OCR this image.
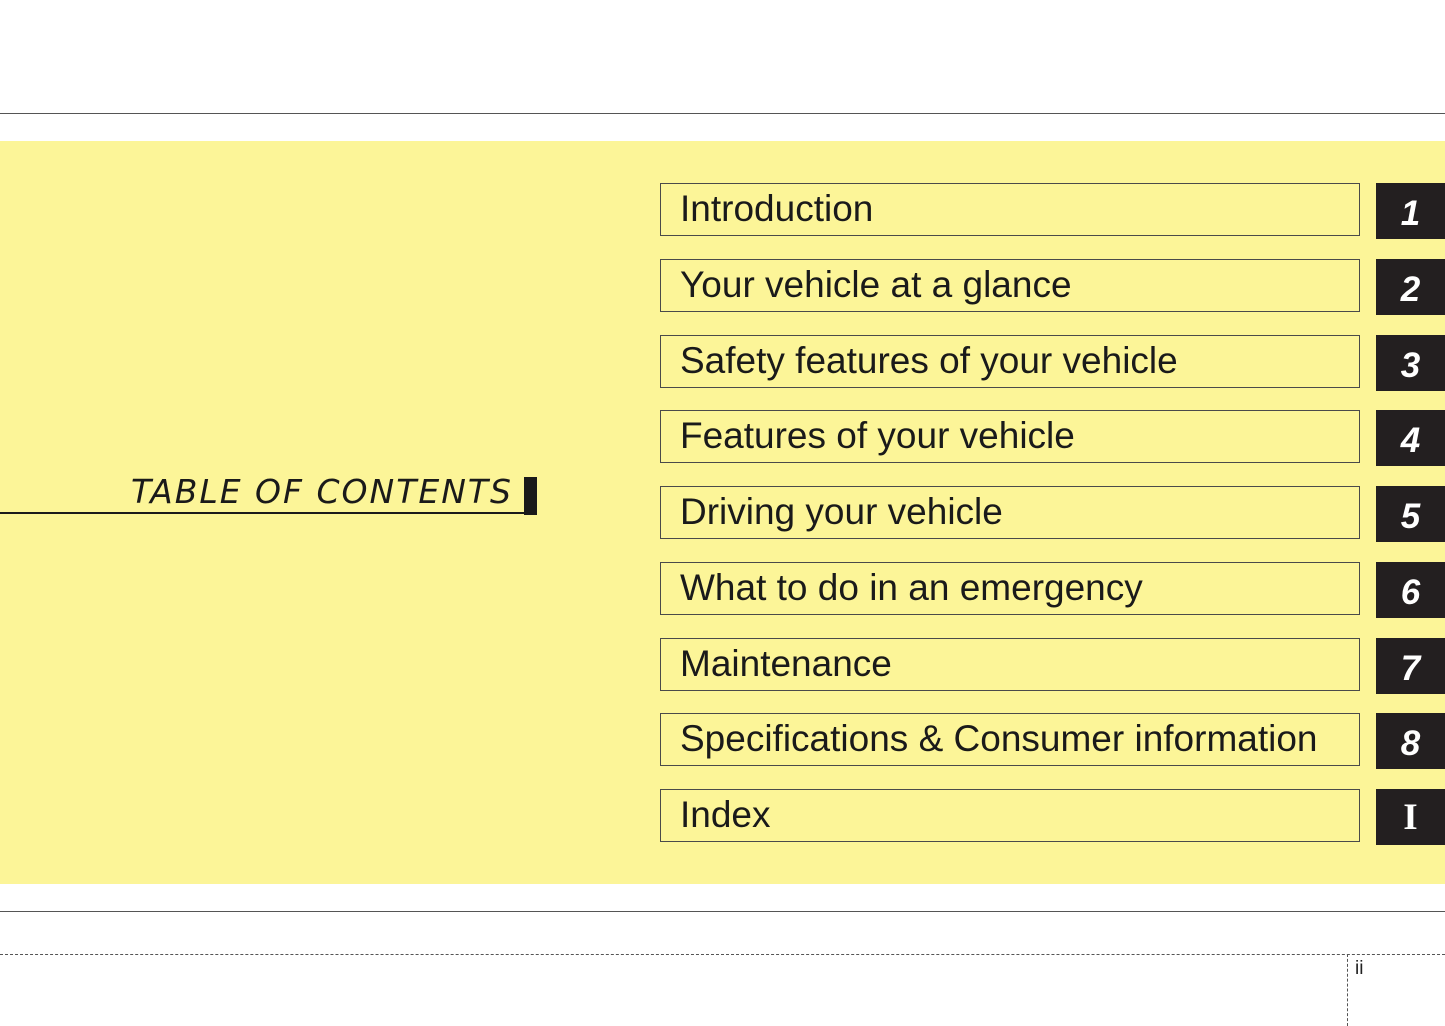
ii
TABLE OF CONTENTS
Introduction	1
Your vehicle at a glance	2
Safety features of your vehicle	3
Features of your vehicle	4
Driving your vehicle	5
What to do in an emergency	6
Maintenance	7
Specifications & Consumer information 8
Index	I
